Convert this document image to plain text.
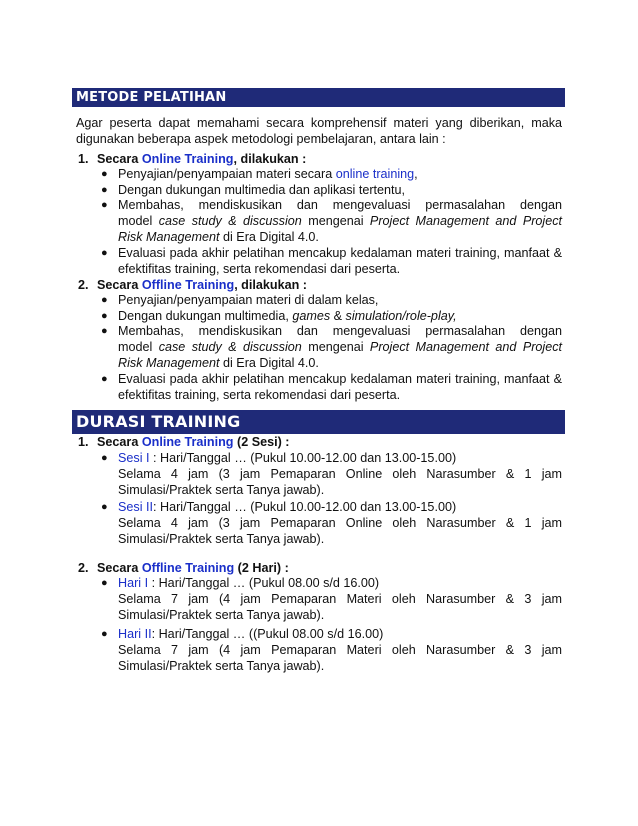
METODE PELATIHAN
Agar peserta dapat memahami secara komprehensif materi yang diberikan, maka
digunakan beberapa aspek metodologi pembelajaran, antara lain :
1. Secara Online Training, dilakukan :
● Penyajian/penyampaian materi secara online training,
● Dengan dukungan multimedia dan aplikasi tertentu,
● Membahas, mendiskusikan dan mengevaluasi permasalahan dengan
model case study & discussion mengenai Project Management and Project
Risk Management di Era Digital 4.0.
● Evaluasi pada akhir pelatihan mencakup kedalaman materi training, manfaat &
efektifitas training, serta rekomendasi dari peserta.
2. Secara Offline Training, dilakukan :
● Penyajian/penyampaian materi di dalam kelas,
● Dengan dukungan multimedia, games & simulation/role-play,
● Membahas, mendiskusikan dan mengevaluasi permasalahan dengan
model case study & discussion mengenai Project Management and Project
Risk Management di Era Digital 4.0.
● Evaluasi pada akhir pelatihan mencakup kedalaman materi training, manfaat &
efektifitas training, serta rekomendasi dari peserta.
DURASI TRAINING
1. Secara Online Training (2 Sesi) :
● Sesi I : Hari/Tanggal … (Pukul 10.00-12.00 dan 13.00-15.00)
Selama 4 jam (3 jam Pemaparan Online oleh Narasumber & 1 jam
Simulasi/Praktek serta Tanya jawab).
● Sesi II: Hari/Tanggal … (Pukul 10.00-12.00 dan 13.00-15.00)
Selama 4 jam (3 jam Pemaparan Online oleh Narasumber & 1 jam
Simulasi/Praktek serta Tanya jawab).
2. Secara Offline Training (2 Hari) :
● Hari I : Hari/Tanggal … (Pukul 08.00 s/d 16.00)
Selama 7 jam (4 jam Pemaparan Materi oleh Narasumber & 3 jam
Simulasi/Praktek serta Tanya jawab).
● Hari II: Hari/Tanggal … ((Pukul 08.00 s/d 16.00)
Selama 7 jam (4 jam Pemaparan Materi oleh Narasumber & 3 jam
Simulasi/Praktek serta Tanya jawab).
